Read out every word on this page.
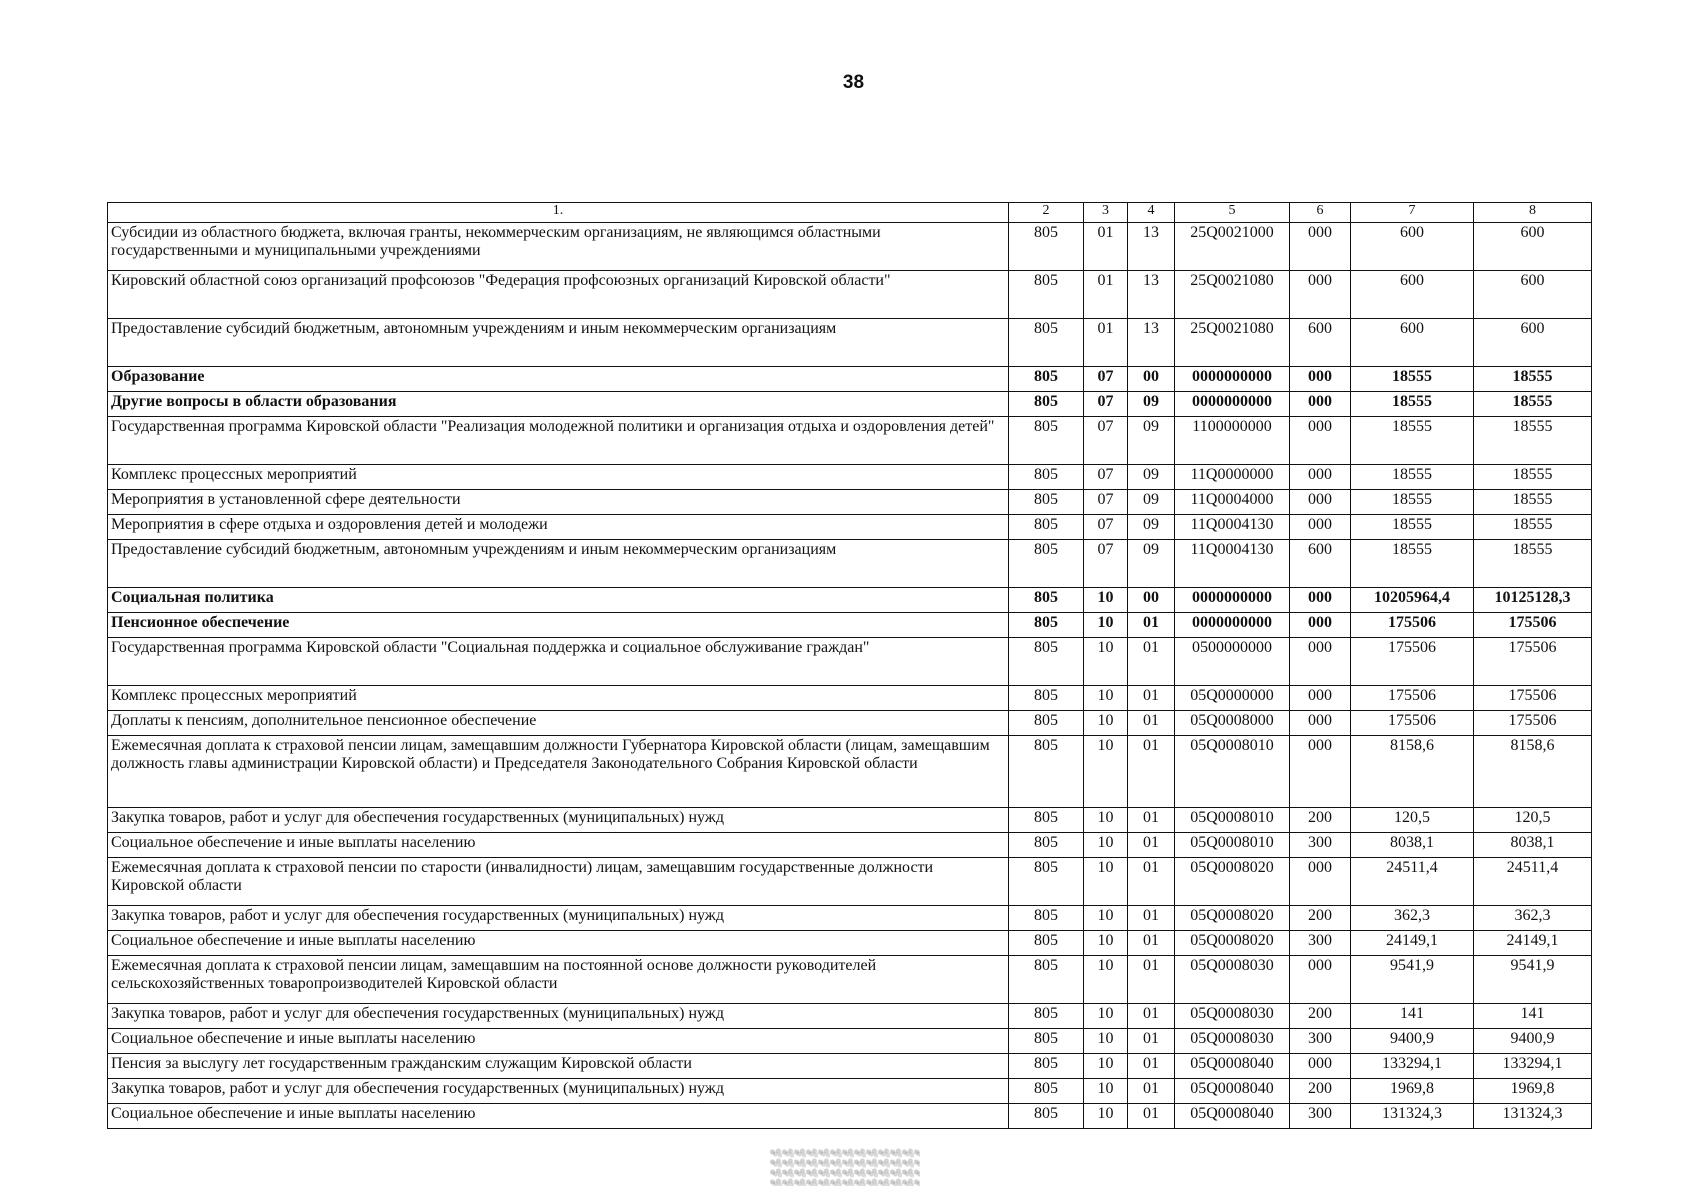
38
1.	2	3	4	5	6	7	8
Субсидии из областного бюджета, включая гранты, некоммерческим организациям, не являющимся областными государственными и муниципальными учреждениями	805	01	13	25Q0021000	000	600	600
Кировский областной союз организаций профсоюзов "Федерация профсоюзных организаций Кировской области"	805	01	13	25Q0021080	000	600	600
Предоставление субсидий бюджетным, автономным учреждениям и иным некоммерческим организациям	805	01	13	25Q0021080	600	600	600
Образование	805	07	00	0000000000	000	18555	18555
Другие вопросы в области образования	805	07	09	0000000000	000	18555	18555
Государственная программа Кировской области "Реализация молодежной политики и организация отдыха и оздоровления детей"	805	07	09	1100000000	000	18555	18555
Комплекс процессных мероприятий	805	07	09	11Q0000000	000	18555	18555
Мероприятия в установленной сфере деятельности	805	07	09	11Q0004000	000	18555	18555
Мероприятия в сфере отдыха и оздоровления детей и молодежи	805	07	09	11Q0004130	000	18555	18555
Предоставление субсидий бюджетным, автономным учреждениям и иным некоммерческим организациям	805	07	09	11Q0004130	600	18555	18555
Социальная политика	805	10	00	0000000000	000	10205964,4	10125128,3
Пенсионное обеспечение	805	10	01	0000000000	000	175506	175506
Государственная программа Кировской области "Социальная поддержка и социальное обслуживание граждан"	805	10	01	0500000000	000	175506	175506
Комплекс процессных мероприятий	805	10	01	05Q0000000	000	175506	175506
Доплаты к пенсиям, дополнительное пенсионное обеспечение	805	10	01	05Q0008000	000	175506	175506
Ежемесячная доплата к страховой пенсии лицам, замещавшим должности Губернатора Кировской области (лицам, замещавшим должность главы администрации Кировской области) и Председателя Законодательного Собрания Кировской области	805	10	01	05Q0008010	000	8158,6	8158,6
Закупка товаров, работ и услуг для обеспечения государственных (муниципальных) нужд	805	10	01	05Q0008010	200	120,5	120,5
Социальное обеспечение и иные выплаты населению	805	10	01	05Q0008010	300	8038,1	8038,1
Ежемесячная доплата к страховой пенсии по старости (инвалидности) лицам, замещавшим государственные должности Кировской области	805	10	01	05Q0008020	000	24511,4	24511,4
Закупка товаров, работ и услуг для обеспечения государственных (муниципальных) нужд	805	10	01	05Q0008020	200	362,3	362,3
Социальное обеспечение и иные выплаты населению	805	10	01	05Q0008020	300	24149,1	24149,1
Ежемесячная доплата к страховой пенсии лицам, замещавшим на постоянной основе должности руководителей сельскохозяйственных товаропроизводителей Кировской области	805	10	01	05Q0008030	000	9541,9	9541,9
Закупка товаров, работ и услуг для обеспечения государственных (муниципальных) нужд	805	10	01	05Q0008030	200	141	141
Социальное обеспечение и иные выплаты населению	805	10	01	05Q0008030	300	9400,9	9400,9
Пенсия за выслугу лет государственным гражданским служащим Кировской области	805	10	01	05Q0008040	000	133294,1	133294,1
Закупка товаров, работ и услуг для обеспечения государственных (муниципальных) нужд	805	10	01	05Q0008040	200	1969,8	1969,8
Социальное обеспечение и иные выплаты населению	805	10	01	05Q0008040	300	131324,3	131324,3
